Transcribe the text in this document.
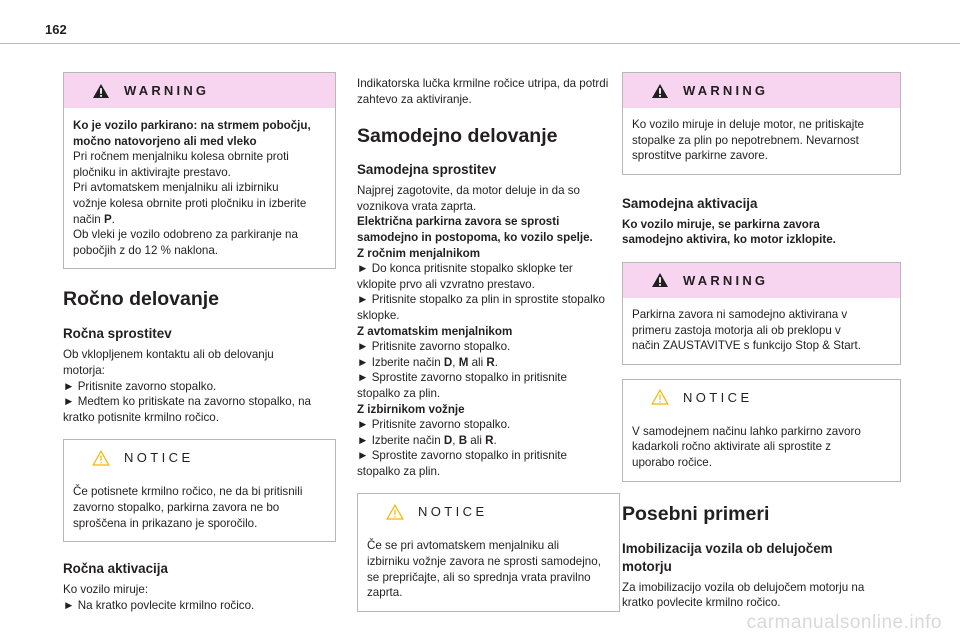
162
WARNING
Ko je vozilo parkirano: na strmem pobočju, močno natovorjeno ali med vleko
Pri ročnem menjalniku kolesa obrnite proti
pločniku in aktivirajte prestavo.
Pri avtomatskem menjalniku ali izbirniku
vožnje kolesa obrnite proti pločniku in izberite
način P.
Ob vleki je vozilo odobreno za parkiranje na
pobočjih z do 12 % naklona.
Ročno delovanje
Ročna sprostitev
Ob vklopljenem kontaktu ali ob delovanju
motorja:
► Pritisnite zavorno stopalko.
► Medtem ko pritiskate na zavorno stopalko, na
kratko potisnite krmilno ročico.
NOTICE
Če potisnete krmilno ročico, ne da bi pritisnili
zavorno stopalko, parkirna zavora ne bo
sproščena in prikazano je sporočilo.
Ročna aktivacija
Ko vozilo miruje:
► Na kratko povlecite krmilno ročico.
Indikatorska lučka krmilne ročice utripa, da potrdi
zahtevo za aktiviranje.
Samodejno delovanje
Samodejna sprostitev
Najprej zagotovite, da motor deluje in da so
voznikova vrata zaprta.
Električna parkirna zavora se sprosti
samodejno in postopoma, ko vozilo spelje.
Z ročnim menjalnikom
► Do konca pritisnite stopalko sklopke ter
vklopite prvo ali vzvratno prestavo.
► Pritisnite stopalko za plin in sprostite stopalko
sklopke.
Z avtomatskim menjalnikom
► Pritisnite zavorno stopalko.
► Izberite način D, M ali R.
► Sprostite zavorno stopalko in pritisnite
stopalko za plin.
Z izbirnikom vožnje
► Pritisnite zavorno stopalko.
► Izberite način D, B ali R.
► Sprostite zavorno stopalko in pritisnite
stopalko za plin.
NOTICE
Če se pri avtomatskem menjalniku ali
izbirniku vožnje zavora ne sprosti samodejno,
se prepričajte, ali so sprednja vrata pravilno
zaprta.
WARNING
Ko vozilo miruje in deluje motor, ne pritiskajte
stopalke za plin po nepotrebnem. Nevarnost
sprostitve parkirne zavore.
Samodejna aktivacija
Ko vozilo miruje, se parkirna zavora
samodejno aktivira, ko motor izklopite.
WARNING
Parkirna zavora ni samodejno aktivirana v
primeru zastoja motorja ali ob preklopu v
način ZAUSTAVITVE s funkcijo Stop & Start.
NOTICE
V samodejnem načinu lahko parkirno zavoro
kadarkoli ročno aktivirate ali sprostite z
uporabo ročice.
Posebni primeri
Imobilizacija vozila ob delujočem
motorju
Za imobilizacijo vozila ob delujočem motorju na
kratko povlecite krmilno ročico.
carmanualsonline.info
